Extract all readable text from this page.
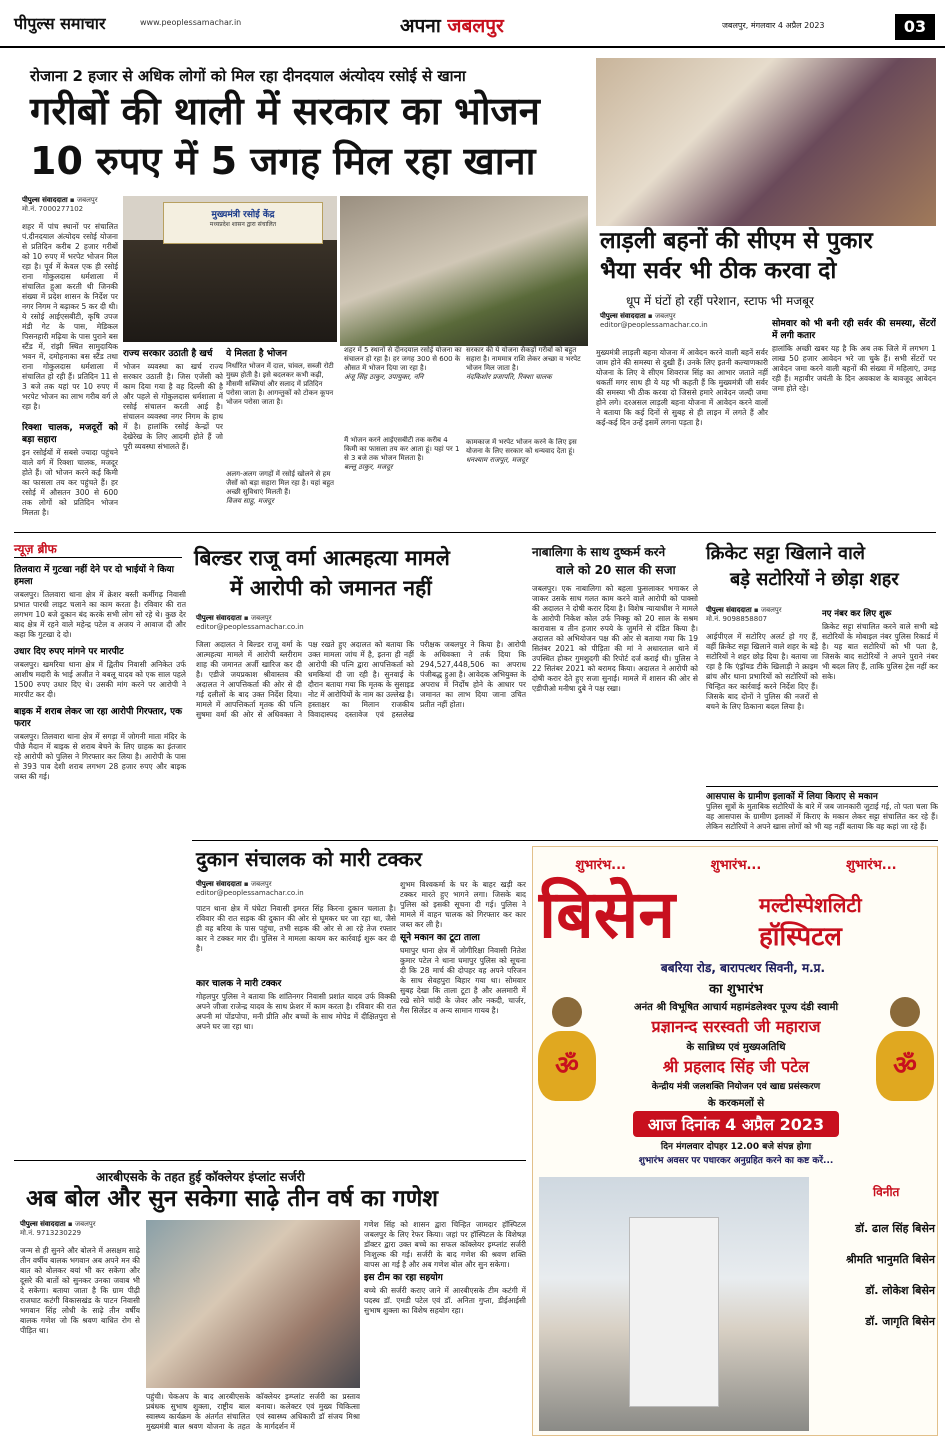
पीपुल्स समाचार	www.peoplessamachar.in	अपना जबलपुर	जबलपुर, मंगलवार 4 अप्रैल 2023	03
रोजाना 2 हजार से अधिक लोगों को मिल रहा दीनदयाल अंत्योदय रसोई से खाना
गरीबों की थाली में सरकार का भोजन
10 रुपए में 5 जगह मिल रहा खाना
पीपुल्स संवाददाता ▪ जबलपुर
मो.नं. 7000277102
शहर में पांच स्थानों पर संचालित पं.दीनदयाल अंत्योदय रसोई योजना से प्रतिदिन करीब 2 हजार गरीबों को 10 रुपए में भरपेट भोजन मिल रहा है। पूर्व में केवल एक ही रसोई राना गोकुलदास धर्मशाला में संचालित हुआ करती थी जिनकी संख्या में प्रदेश शासन के निर्देश पर नगर निगम ने बढ़ाकर 5 कर दी थी। ये रसोई आईएसबीटी, कृषि उपज मंडी गेट के पास, मेडिकल पिसनहारी मढ़िया के पास पुराने बस स्टैंड में, रांझी स्थित सामुदायिक भवन में, दमोहनाका बस स्टैंड तथा राना गोकुलदास धर्मशाला में संचालित हो रही हैं। प्रतिदिन 11 से 3 बजे तक यहां पर 10 रुपए में भरपेट भोजन का लाभ गरीब वर्ग ले रहा है।
रिक्शा चालक, मजदूरों को बड़ा सहारा
इन रसोईयों में सबसे ज्यादा पहुंचने वाले वर्ग में रिक्शा चालक, मजदूर होते हैं। जो भोजन करने कई किमी का फासला तय कर पहुंचते हैं। हर रसोई में औसतन 300 से 600 तक लोगों को प्रतिदिन भोजन मिलता है।
मुख्यमंत्री रसोई केंद्र
मध्यप्रदेश शासन द्वारा संचालित
राज्य सरकार उठाती है खर्च
भोजन व्यवस्था का खर्च राज्य सरकार उठाती है। जिस एजेंसी को काम दिया गया है वह दिल्ली की है और पहले से गोकुलदास धर्मशाला में रसोई संचालन करती आई है। संचालन व्यवस्था नगर निगम के हाथ में है। हालांकि रसोई केन्द्रों पर देखेरेख के लिए आदमी होते हैं जो पूरी व्यवस्था संभालते हैं।
ये मिलता है भोजन
निर्धारित भोजन में दाल, चांवल, सब्जी रोटी मुख्य होती है। इसे बदलकर कभी कढ़ी, मौसमी सब्जियां और सलाद में प्रतिदिन परोसा जाता है। आगन्तुकों को टोकन कूपन भोजन परोसा जाता है।
अलग-अलग जगहों में रसोई खोलने से हम जैसों को बड़ा सहारा मिल रहा है। यहां बहुत अच्छी सुविधाएं मिलती हैं।
विजय साहू, मजदूर
शहर में 5 स्थानों से दीनदयाल रसोई योजना का संचालन हो रहा है। हर जगह 300 से 600 के औसत में भोजन दिया जा रहा है।
अंजू सिंह ठाकुर, उपायुक्त, ननि
मैं भोजन करने आईएसबीटी तक करीब 4 किमी का फासला तय कर आता हूं। यहां पर 1 से 3 बजे तक भोजन मिलता है।
बल्लू ठाकुर, मजदूर
सरकार की ये योजना सैकड़ों गरीबों को बहुत सहारा है। नाममात्र राशि लेकर अच्छा व भरपेट भोजन मिल जाता है।
नंदकिशोर प्रजापति, रिक्शा चालक
कामकाज में भरपेट भोजन करने के लिए इस योजना के लिए सरकार को धन्यवाद देता हूं।
धनश्याम राजपूत, मजदूर
लाड़ली बहनों की सीएम से पुकार
भैया सर्वर भी ठीक करवा दो
धूप में घंटों हो रहीं परेशान, स्टाफ भी मजबूर
पीपुल्स संवाददाता ▪ जबलपुर
editor@peoplessamachar.co.in
मुख्यमंत्री लाड़ली बहना योजना में आवेदन करने वाली बहनें सर्वर जाम होने की समस्या से दुखी हैं। उनके लिए इतनी कल्याणकारी योजना के लिए वे सीएम शिवराज सिंह का आभार जताते नहीं थकतीं मगर साथ ही ये यह भी कहती हैं कि मुख्यमंत्री जी सर्वर की समस्या भी ठीक करवा दो जिससे हमारे आवेदन जल्दी जमा होने लगे। दरअसल लाड़ली बहना योजना में आवेदन करने वालों ने बताया कि कई दिनों से सुबह से ही लाइन में लगते हैं और कई-कई दिन उन्हें इसमें लगना पड़ता है।
सोमवार को भी बनी रही सर्वर की समस्या, सेंटरों में लगी कतार
हालांकि अच्छी खबर यह है कि अब तक जिले में लगभग 1 लाख 50 हजार आवेदन भरे जा चुके हैं। सभी सेंटरों पर आवेदन जमा करने वाली बहनों की संख्या में महिलाएं, उमड़ रही हैं। महावीर जयंती के दिन अवकाश के बावजूद आवेदन जमा होते रहे।
न्यूज़ ब्रीफ
तिलवारा में गुटखा नहीं देने पर दो भाईयों ने किया हमला
जबलपुर। तिलवारा थाना क्षेत्र में क्रेशर बस्ती कर्मीगढ़ निवासी प्रभात पारधी लाइट चलाने का काम करता है। रविवार की रात लगभग 10 बजे दुकान बंद करके सभी लोग सो रहे थे। कुछ देर बाद क्षेत्र में रहने वाले महेन्द्र पटेल व अजय ने आवाज दी और कहा कि गुटखा दे दो।
उधार दिए रुपए मांगने पर मारपीट
जबलपुर। खमरिया थाना क्षेत्र में द्वितीय निवासी अनिकेत उर्फ आशीष मदारी के भाई अजीत ने बबलू यादव को एक साल पहले 1500 रुपए उधार दिए थे। उसकी मांग करने पर आरोपी ने मारपीट कर दी।
बाइक में शराब लेकर जा रहा आरोपी गिरफ्तार, एक फरार
जबलपुर। तिलवारा थाना क्षेत्र में सगड़ा में जोगनी माता मंदिर के पीछे मैदान में बाइक से शराब बेचने के लिए ग्राहक का इंतजार रहे आरोपी को पुलिस ने गिरफ्तार कर लिया है। आरोपी के पास से 393 पाव देशी शराब लगभग 28 हजार रुपए और बाइक जब्त की गई।
बिल्डर राजू वर्मा आत्महत्या मामले
में आरोपी को जमानत नहीं
पीपुल्स संवाददाता ▪ जबलपुर
editor@peoplessamachar.co.in
जिला अदालत ने बिल्डर राजू वर्मा के आत्महत्या मामले में आरोपी ब्लरीराम शाह की जमानत अर्जी खारिज कर दी है। एडीजे जयप्रकाश श्रीवास्तव की अदालत ने आपत्तिकर्ता की ओर से दी गई दलीलों के बाद उक्त निर्देश दिया। मामले में आपत्तिकर्ता मृतक की पत्नि सुषमा वर्मा की ओर से अधिवक्ता ने पक्ष रखते हुए अदालत को बताया कि उक्त मामला जांच में है, इतना ही नहीं आरोपी की पत्नि द्वारा आपत्तिकर्ता को धमकियां दी जा रही है। सुनवाई के दौरान बताया गया कि मृतक के सुसाइड नोट में आरोपियों के नाम का उल्लेख है। हस्ताक्षर का मिलान राजकीय विवादास्पद दस्तावेज एवं हस्तलेख परीक्षक जबलपुर ने किया है। आरोपी के अधिवक्ता ने तर्क दिया कि 294,527,448,506 का अपराध पंजीबद्ध हुआ है। आवेदक अभियुक्त के अपराध में निर्दोष होने के आधार पर जमानत का लाभ दिया जाना उचित प्रतीत नहीं होता।
नाबालिगा के साथ दुष्कर्म करने
वाले को 20 साल की सजा
जबलपुर। एक नाबालिगा को बहला फुसलाकर भगाकर ले जाकर उसके साथ गलत काम करने वाले आरोपी को पाक्सो की अदालत ने दोषी करार दिया है। विशेष न्यायाधीश ने मामले के आरोपी निकेश कोल उर्फ निक्कू को 20 साल के सश्रम कारावास व तीन हजार रुपये के जुर्माने से दंडित किया है। अदालत को अभियोजन पक्ष की ओर से बताया गया कि 19 सितंबर 2021 को पीड़िता की मां ने अधारताल थाने में उपस्थित होकर गुमशुदगी की रिपोर्ट दर्ज कराई थी। पुलिस ने 22 सितंबर 2021 को बरामद किया। अदालत ने आरोपी को दोषी करार देते हुए सजा सुनाई। मामले में शासन की ओर से एडीपीओ मनीषा दुबे ने पक्ष रखा।
क्रिकेट सट्टा खिलाने वाले
बड़े सटोरियों ने छोड़ा शहर
पीपुल्स संवाददाता ▪ जबलपुर
मो.नं. 9098858807
आईपीएल में सटोरिए अलर्ट हो गए हैं, वहीं क्रिकेट सट्टा खिलाने वाले शहर के बड़े सटोरियों ने शहर छोड़ दिया है। बताया जा रहा है कि एंड्रॉयड टीके खिलाड़ी ने क्राइम ब्रांच और थाना प्रभारियों को सटोरियों को चिन्हित कर कार्रवाई करने निर्देश दिए हैं। जिसके बाद दोनों ने पुलिस की नजरों से बचने के लिए ठिकाना बदल लिया है।
नए नंबर कर लिए शुरू
क्रिकेट सट्टा संचालित करने वाले सभी बड़े सटोरियों के मोबाइल नंबर पुलिस रिकार्ड में है। यह बात सटोरियों को भी पता है, जिसके बाद सटोरियों ने अपने पुराने नंबर भी बदल लिए हैं, ताकि पुलिस ट्रेस नहीं कर सके।
आसपास के ग्रामीण इलाकों में लिया किराए से मकान
पुलिस सूत्रों के मुताबिक सटोरियों के बारे में जब जानकारी जुटाई गई, तो पता चला कि वह आसपास के ग्रामीण इलाकों में किराए के मकान लेकर सट्टा संचालित कर रहे हैं। लेकिन सटोरियों ने अपने खास लोगों को भी यह नहीं बताया कि वह कहां जा रहे हैं।
दुकान संचालक को मारी टक्कर
पीपुल्स संवाददाता ▪ जबलपुर
editor@peoplessamachar.co.in
पाटन थाना क्षेत्र में घंघेटा निवासी इमरत सिंह किरना दुकान चलाता है। रविवार की रात सड़क की दुकान की ओर से घूमकर घर जा रहा था, जैसे ही वह बरिया के पास पहुंचा, तभी सड़क की ओर से आ रहे तेज रफ्तार कार ने टक्कर मार दी। पुलिस ने मामला कायम कर कार्रवाई शुरू कर दी है।
कार चालक ने मारी टक्कर
गोहलपुर पुलिस ने बताया कि शांतिनगर निवासी प्रशांत यादव उर्फ विक्की अपने जीजा राजेन्द्र यादव के साथ फ्रेशर में काम करता है। रविवार की रात अपनी मां पोंडपोपा, मनी प्रीति और बच्चों के साथ मोपेड में दीक्षितपुरा से अपने घर जा रहा था।
शुभम विश्वकर्मा के घर के बाहर खड़ी कर टक्कर मारते हुए भागने लगा। जिसके बाद पुलिस को इसकी सूचना दी गई। पुलिस ने मामले में वाहन चालक को गिरफ्तार कर कार जब्त कर ली है।
सूने मकान का टूटा ताला
घमापुर थाना क्षेत्र में जोगीरिक्षा निवासी नितेश कुमार पटेल ने थाना घमापुर पुलिस को सूचना दी कि 28 मार्च की दोपहर वह अपने परिजन के साथ सेवहपुरा बिहार गया था। सोमवार सुबह देखा कि ताला टूटा है और अलमारी में रखे सोने चांदी के जेवर और नकदी, चार्जर, गैस सिलेंडर व अन्य सामान गायब है।
शुभारंभ...	शुभारंभ...	शुभारंभ...
बिसेन	मल्टीस्पेशलिटी
हॉस्पिटल
बबरिया रोड, बारापत्थर सिवनी, म.प्र.
का शुभारंभ
अनंत श्री विभूषित आचार्य महामंडलेश्वर पूज्य दंडी स्वामी
प्रज्ञानन्द सरस्वती जी महाराज
के सान्निध्य एवं मुख्यअतिथि
श्री प्रहलाद सिंह जी पटेल
केन्द्रीय मंत्री जलशक्ति नियोजन एवं खाद्य प्रसंस्करण
के करकमलों से
आज दिनांक 4 अप्रैल 2023
दिन मंगलवार दोपहर 12.00 बजे संपन्न होगा
शुभारंभ अवसर पर पधारकर अनुग्रहित करने का कष्ट करें...
ॐ	ॐ
विनीत
डॉ. ढाल सिंह बिसेन
श्रीमति भानुमति बिसेन
डॉ. लोकेश बिसेन
डॉ. जागृति बिसेन
आरबीएसके के तहत हुई कॉक्लेयर इंप्लांट सर्जरी
अब बोल और सुन सकेगा साढ़े तीन वर्ष का गणेश
पीपुल्स संवाददाता ▪ जबलपुर
मो.नं. 9713230229
जन्म से ही सुनने और बोलने में असक्षम साढ़े तीन वर्षीय बालक भगवान अब अपने मन की बात को बोलकर बयां भी कर सकेगा और दूसरे की बातों को सुनकर उनका जवाब भी दे सकेगा। बताया जाता है कि ग्राम पीढ़ी राजघाट कटंगी विकासखंड के पाटन निवासी भगवान सिंह लोधी के साढ़े तीन वर्षीय बालक गणेश जो कि श्रवण बाधित रोग से पीड़ित था।
पहुंची। चेकअप के बाद आरबीएसके प्रबंधक सुभाष शुक्ला, राष्ट्रीय बाल स्वास्थ्य कार्यक्रम के अंतर्गत संचालित मुख्यमंत्री बाल श्रवण योजना के तहत कॉक्लेयर इम्प्लांट सर्जरी का प्रस्ताव बनाया। कलेक्टर एवं मुख्य चिकित्सा एवं स्वास्थ्य अधिकारी डॉ संजय मिश्रा के मार्गदर्शन में
गणेश सिंह को शासन द्वारा चिन्हित जामदार हॉस्पिटल जबलपुर के लिए रेफर किया। जहां पर हॉस्पिटल के विशेषज्ञ डॉक्टर द्वारा उक्त बच्चे का सफल कॉक्लेयर इम्प्लांट सर्जरी निःशुल्क की गई। सर्जरी के बाद गणेश की श्रवण शक्ति वापस आ गई है और अब गणेश बोल और सुन सकेगा।
इस टीम का रहा सहयोग
बच्चे की सर्जरी कराए जाने में आरबीएसके टीम कटंगी में पदस्थ डॉ. एमडी पटेल एवं डॉ. अनिता गुप्ता, डीईआईसी सुभाष शुक्ला का विशेष सहयोग रहा।
